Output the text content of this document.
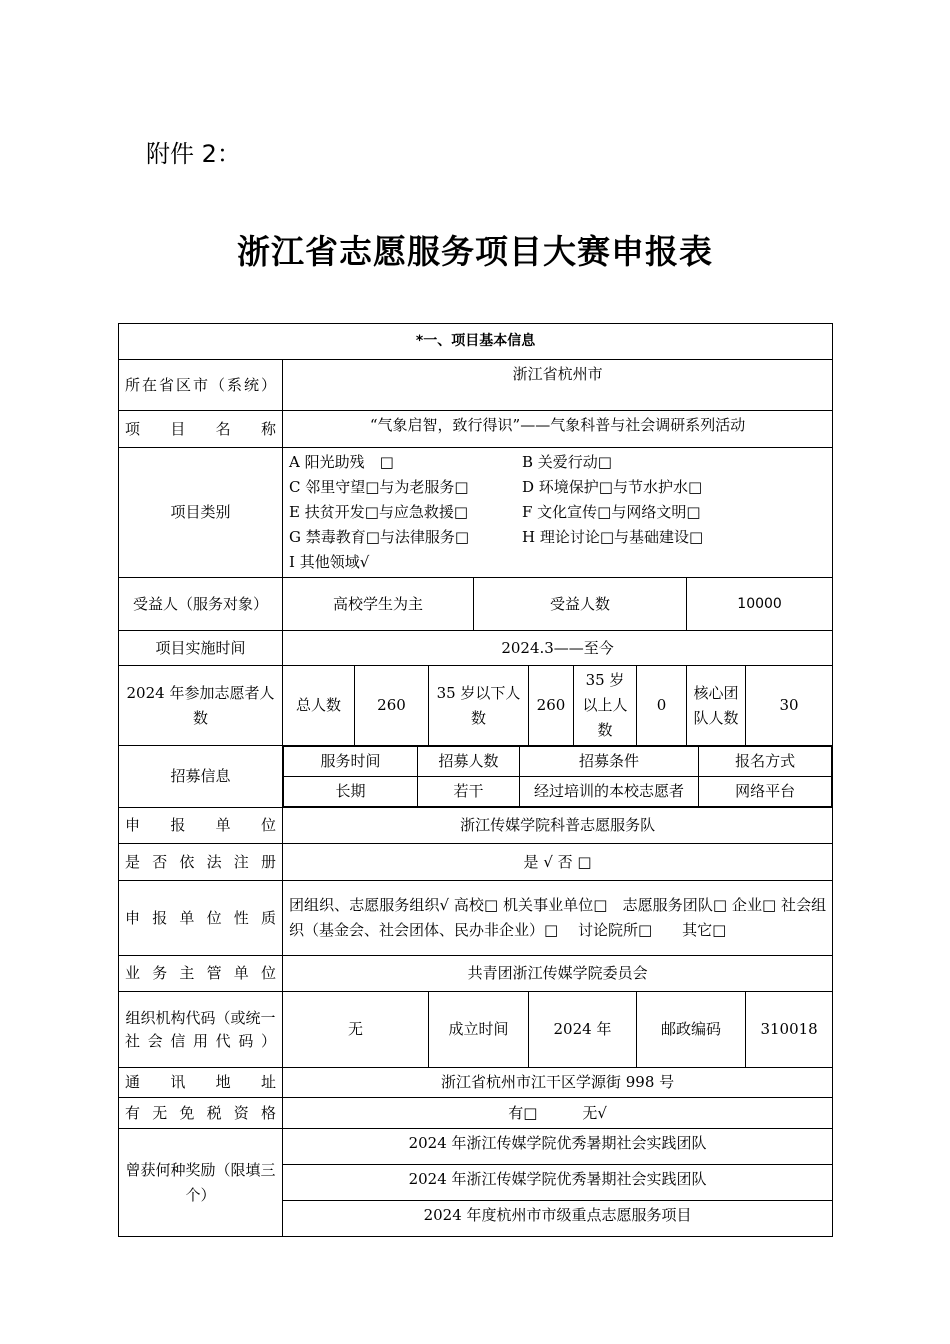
附件 2：
浙江省志愿服务项目大赛申报表
*一、项目基本信息
所在省区市（系统）	浙江省杭州市
项目名称	“气象启智，致行得识”——气象科普与社会调研系列活动
项目类别	
A 阳光助残　□	B 关爱行动□
C 邻里守望□与为老服务□	D 环境保护□与节水护水□
E 扶贫开发□与应急救援□	F 文化宣传□与网络文明□
G 禁毒教育□与法律服务□	H 理论讨论□与基础建设□
I 其他领域√

受益人（服务对象）	高校学生为主	受益人数	10000
项目实施时间	2024.3——至今
2024 年参加志愿者人数	总人数	260	35 岁以下人数	260	35 岁以上人数	0	核心团队人数	30
招募信息	
服务时间	招募人数	招募条件	报名方式
长期	若干	经过培训的本校志愿者	网络平台

申报单位	浙江传媒学院科普志愿服务队
是否依法注册	是 √ 否 □
申报单位性质	团组织、志愿服务组织√ 高校□ 机关事业单位□　志愿服务团队□ 企业□ 社会组织（基金会、社会团体、民办非企业）□　 讨论院所□　　其它□
业务主管单位	共青团浙江传媒学院委员会
组织机构代码（或统一社会信用代码）	无	成立时间	2024 年	邮政编码	310018
通讯地址	浙江省杭州市江干区学源街 998 号
有无免税资格	有□　　　无√
曾获何种奖励（限填三个）	2024 年浙江传媒学院优秀暑期社会实践团队
2024 年浙江传媒学院优秀暑期社会实践团队
2024 年度杭州市市级重点志愿服务项目
